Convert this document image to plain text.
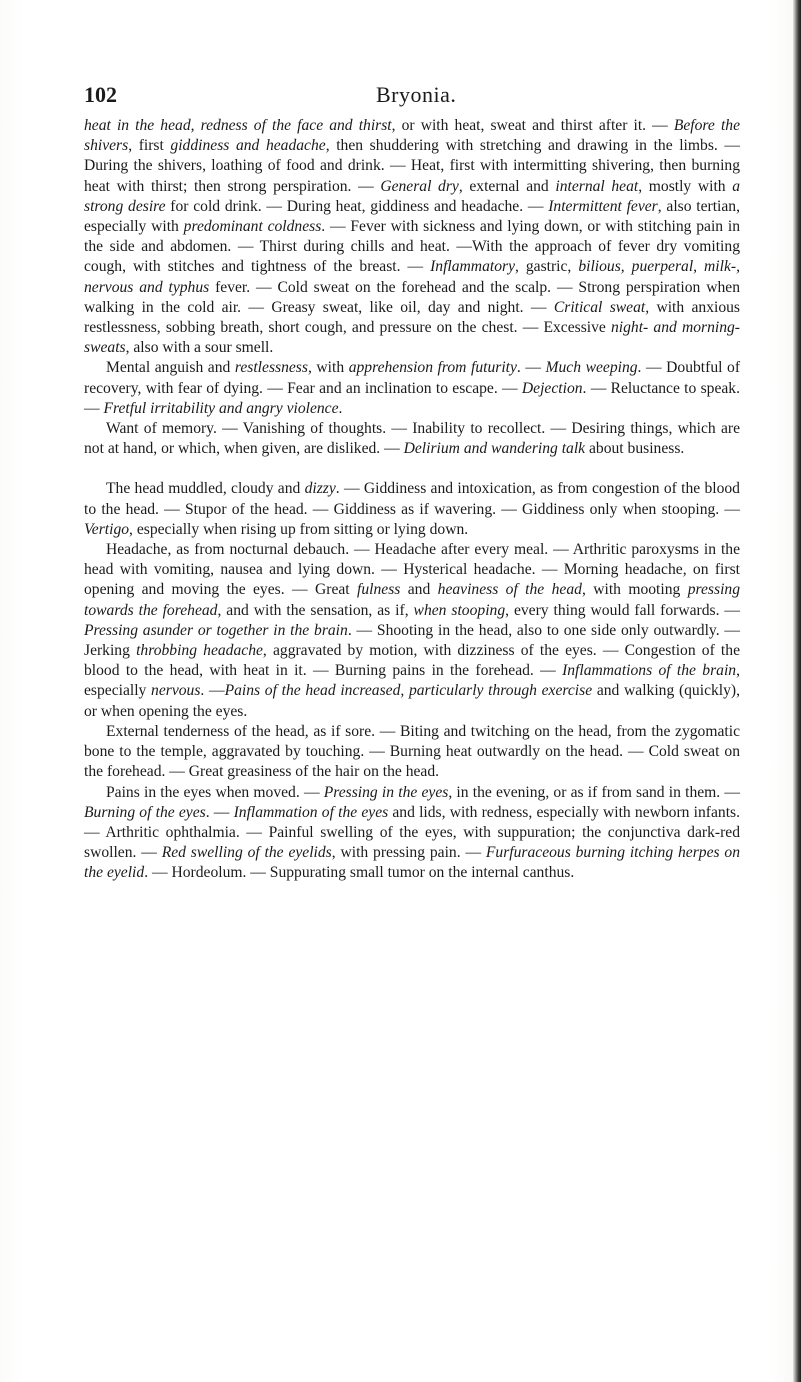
102	Bryonia.

heat in the head, redness of the face and thirst, or with heat, sweat and thirst after it. — Before the shivers, first giddiness and headache, then shuddering with stretching and drawing in the limbs. — During the shivers, loathing of food and drink. — Heat, first with intermitting shivering, then burning heat with thirst; then strong perspiration. — General dry, external and internal heat, mostly with a strong desire for cold drink. — During heat, giddiness and headache. — Intermittent fever, also tertian, especially with predominant coldness. — Fever with sickness and lying down, or with stitching pain in the side and abdomen. — Thirst during chills and heat. —With the approach of fever dry vomiting cough, with stitches and tightness of the breast. — Inflammatory, gastric, bilious, puerperal, milk-, nervous and typhus fever. — Cold sweat on the forehead and the scalp. — Strong perspiration when walking in the cold air. — Greasy sweat, like oil, day and night. — Critical sweat, with anxious restlessness, sobbing breath, short cough, and pressure on the chest. — Excessive night- and morning-sweats, also with a sour smell.

Mental anguish and restlessness, with apprehension from futurity. — Much weeping. — Doubtful of recovery, with fear of dying. — Fear and an inclination to escape. — Dejection. — Reluctance to speak. — Fretful irritability and angry violence.

Want of memory. — Vanishing of thoughts. — Inability to recollect. — Desiring things, which are not at hand, or which, when given, are disliked. — Delirium and wandering talk about business.

The head muddled, cloudy and dizzy. — Giddiness and intoxication, as from congestion of the blood to the head. — Stupor of the head. — Giddiness as if wavering. — Giddiness only when stooping. — Vertigo, especially when rising up from sitting or lying down.

Headache, as from nocturnal debauch. — Headache after every meal. — Arthritic paroxysms in the head with vomiting, nausea and lying down. — Hysterical headache. — Morning headache, on first opening and moving the eyes. — Great fulness and heaviness of the head, with mooting pressing towards the forehead, and with the sensation, as if, when stooping, every thing would fall forwards. — Pressing asunder or together in the brain. — Shooting in the head, also to one side only outwardly. — Jerking throbbing headache, aggravated by motion, with dizziness of the eyes. — Congestion of the blood to the head, with heat in it. — Burning pains in the forehead. — Inflammations of the brain, especially nervous. —Pains of the head increased, particularly through exercise and walking (quickly), or when opening the eyes.

External tenderness of the head, as if sore. — Biting and twitching on the head, from the zygomatic bone to the temple, aggravated by touching. — Burning heat outwardly on the head. — Cold sweat on the forehead. — Great greasiness of the hair on the head.

Pains in the eyes when moved. — Pressing in the eyes, in the evening, or as if from sand in them. — Burning of the eyes. — Inflammation of the eyes and lids, with redness, especially with newborn infants. — Arthritic ophthalmia. — Painful swelling of the eyes, with suppuration; the conjunctiva dark-red swollen. — Red swelling of the eyelids, with pressing pain. — Furfuraceous burning itching herpes on the eyelid. — Hordeolum. — Suppurating small tumor on the internal canthus.
